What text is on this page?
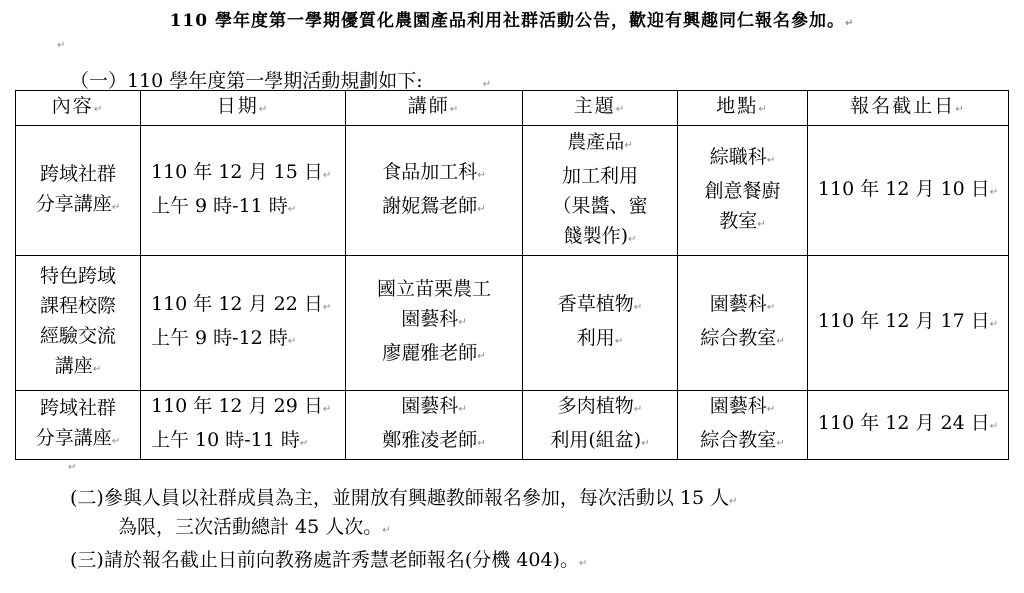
110 學年度第一學期優質化農園產品利用社群活動公告，歡迎有興趣同仁報名參加。↵
↵
（一）110 學年度第一學期活動規劃如下:	↵
內容↵	日期↵	講師↵	主題↵	地點↵	報名截止日↵

跨域社群
分享講座↵	110 年 12 月 15 日↵
上午 9 時-11 時↵	食品加工科↵
謝妮鴛老師↵	農產品↵
加工利用
（果醬、蜜
餞製作)↵	綜職科↵
創意餐廚
教室↵	110 年 12 月 10 日↵

特色跨域
課程校際
經驗交流
講座↵	110 年 12 月 22 日↵
上午 9 時-12 時↵	國立苗栗農工
園藝科↵
廖麗雅老師↵	香草植物↵
利用↵	園藝科↵
綜合教室↵	110 年 12 月 17 日↵

跨域社群
分享講座↵	110 年 12 月 29 日↵
上午 10 時-11 時↵	園藝科↵
鄭雅凌老師↵	多肉植物↵
利用(組盆)↵	園藝科↵
綜合教室↵	110 年 12 月 24 日↵
↵
(二)參與人員以社群成員為主，並開放有興趣教師報名參加，每次活動以 15 人↵
為限，三次活動總計 45 人次。↵
(三)請於報名截止日前向教務處許秀慧老師報名(分機 404)。↵
